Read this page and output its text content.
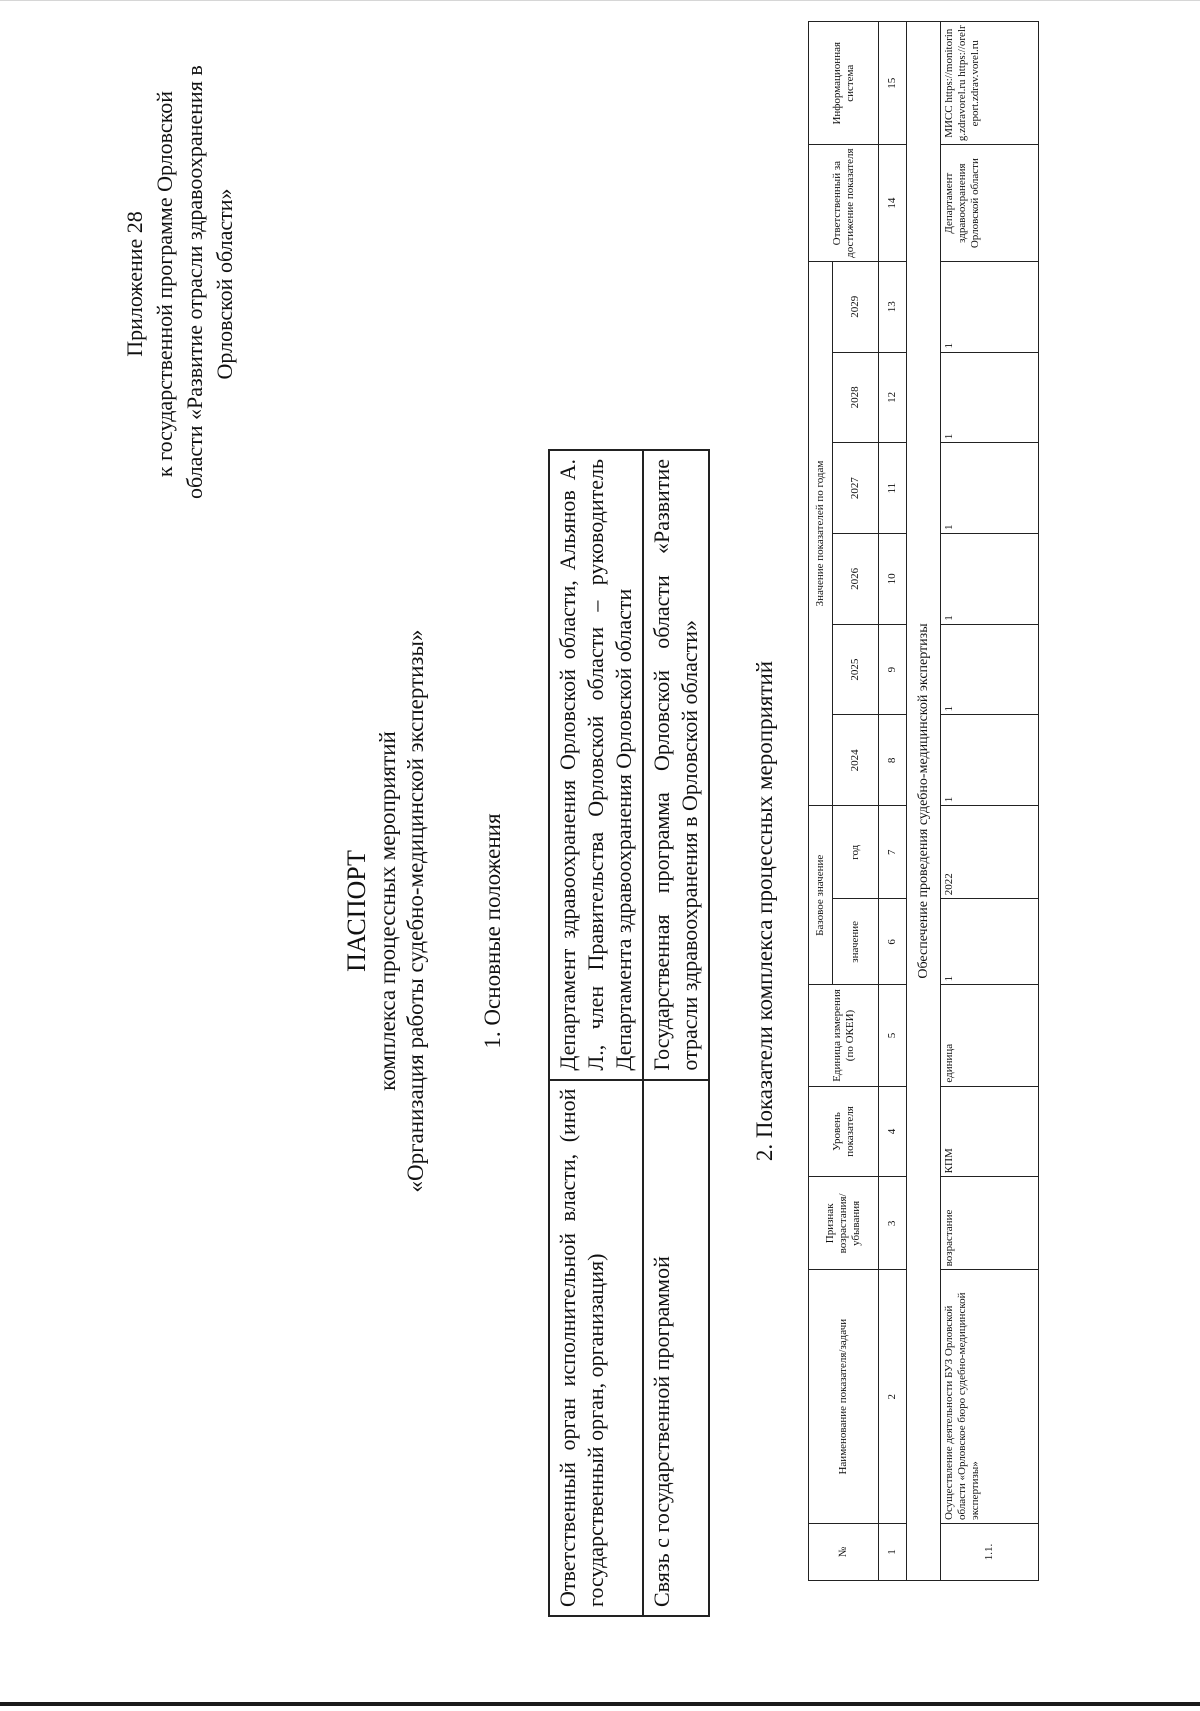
Приложение 28 к государственной программе Орловской области «Развитие отрасли здравоохранения в Орловской области»
ПАСПОРТ комплекса процессных мероприятий «Организация работы судебно-медицинской экспертизы» 1. Основные положения
Ответственный орган исполнительной власти, (иной государственный орган, организация)	Департамент здравоохранения Орловской области, Альянов А. Л., член Правительства Орловской области – руководитель Департамента здравоохранения Орловской области
Связь с государственной программой	Государственная программа Орловской области «Развитие отрасли здравоохранения в Орловской области» 2. Показатели комплекса процессных мероприятий
№	Наименование показателя/задачи	Признак возрастания/ убывания	Уровень показателя	Единица измерения (по ОКЕИ)	Базовое значение		Значение показателей по годам						Ответственный за достижение показателя	Информационная система
					значение	год	2024	2025	2026	2027	2028	2029		
1	2	3	4	5	6	7	8	9	10	11	12	13	14	15
Обеспечение проведения судебно-медицинской экспертизы														
1.1.	Осуществление деятельности БУЗ Орловской области «Орловское бюро судебно-медицинской экспертизы»	возрастание	КПМ	единица	1	2022	1	1	1	1	1	1	Департамент здравоохранения Орловской области	МИСС https://monitoring.zdravorel.ru https://orelreport.zdrav.vorel.ru
